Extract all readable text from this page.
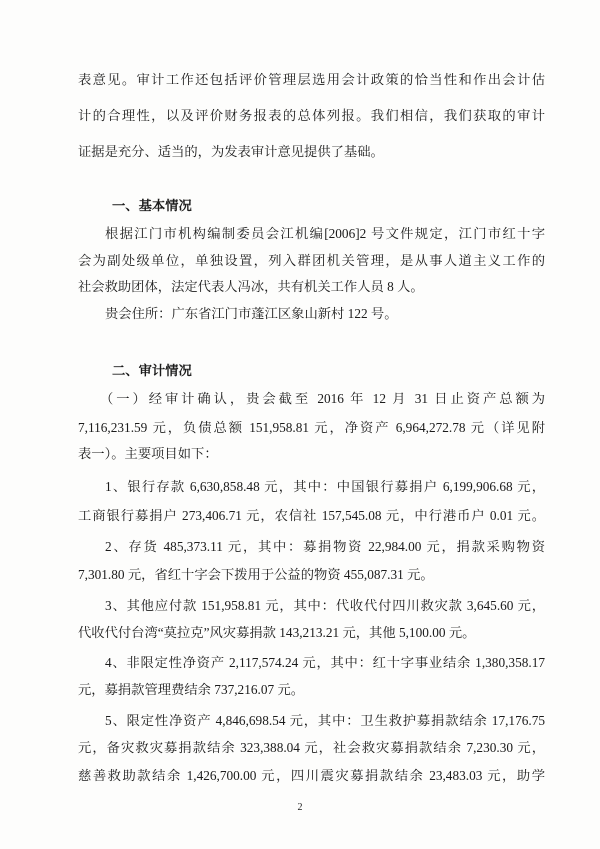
表意见。审计工作还包括评价管理层选用会计政策的恰当性和作出会计估
计的合理性，以及评价财务报表的总体列报。我们相信，我们获取的审计
证据是充分、适当的，为发表审计意见提供了基础。
一、基本情况
根据江门市机构编制委员会江机编[2006]2 号文件规定，江门市红十字
会为副处级单位，单独设置，列入群团机关管理，是从事人道主义工作的
社会救助团体，法定代表人冯冰，共有机关工作人员 8 人。
贵会住所：广东省江门市蓬江区象山新村 122 号。
二、审计情况
（一）经审计确认，贵会截至 2016 年 12 月 31 日止资产总额为
7,116,231.59 元，负债总额 151,958.81 元，净资产 6,964,272.78 元（详见附
表一）。主要项目如下：
1、银行存款 6,630,858.48 元，其中：中国银行募捐户 6,199,906.68 元，
工商银行募捐户 273,406.71 元，农信社 157,545.08 元，中行港币户 0.01 元。
2、存货 485,373.11 元，其中：募捐物资 22,984.00 元，捐款采购物资
7,301.80 元，省红十字会下拨用于公益的物资 455,087.31 元。
3、其他应付款 151,958.81 元，其中：代收代付四川救灾款 3,645.60 元，
代收代付台湾“莫拉克”风灾募捐款 143,213.21 元，其他 5,100.00 元。
4、非限定性净资产 2,117,574.24 元，其中：红十字事业结余 1,380,358.17
元，募捐款管理费结余 737,216.07 元。
5、限定性净资产 4,846,698.54 元，其中：卫生救护募捐款结余 17,176.75
元，备灾救灾募捐款结余 323,388.04 元，社会救灾募捐款结余 7,230.30 元，
慈善救助款结余 1,426,700.00 元，四川震灾募捐款结余 23,483.03 元，助学
2
